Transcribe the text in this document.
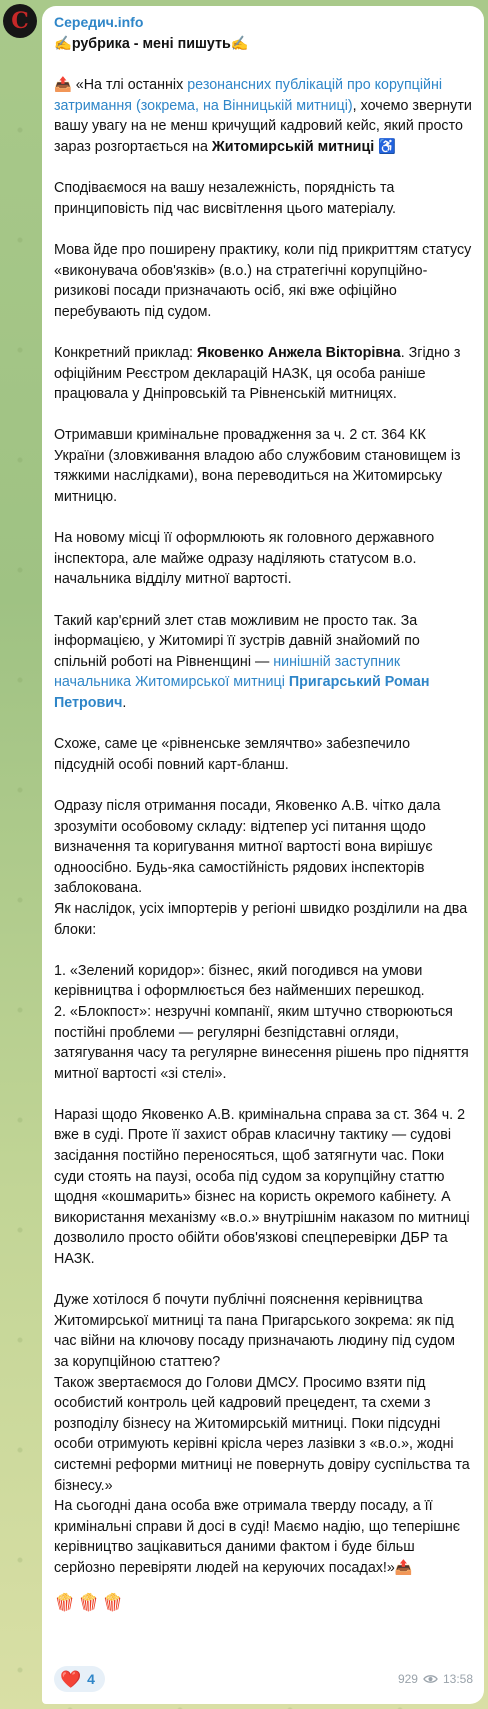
С Середич.info
✍️рубрика - мені пишуть✍️

📤 «На тлі останніх резонансних публікацій про корупційні затримання (зокрема, на Вінницькій митниці), хочемо звернути вашу увагу на не менш кричущий кадровий кейс, який просто зараз розгортається на Житомирській митниці ♿

Сподіваємося на вашу незалежність, порядність та принциповість під час висвітлення цього матеріалу.

Мова йде про поширену практику, коли під прикриттям статусу «виконувача обов'язків» (в.о.) на стратегічні корупційно-ризикові посади призначають осіб, які вже офіційно перебувають під судом.

Конкретний приклад: Яковенко Анжела Вікторівна. Згідно з офіційним Реєстром декларацій НАЗК, ця особа раніше працювала у Дніпровській та Рівненській митницях.

Отримавши кримінальне провадження за ч. 2 ст. 364 КК України (зловживання владою або службовим становищем із тяжкими наслідками), вона переводиться на Житомирську митницю.

На новому місці її оформлюють як головного державного інспектора, але майже одразу наділяють статусом в.о. начальника відділу митної вартості.

Такий кар'єрний злет став можливим не просто так. За інформацією, у Житомирі її зустрів давній знайомий по спільній роботі на Рівненщині — нинішній заступник начальника Житомирської митниці Пригарський Роман Петрович.

Схоже, саме це «рівненське землячтво» забезпечило підсудній особі повний карт-бланш.

Одразу після отримання посади, Яковенко А.В. чітко дала зрозуміти особовому складу: відтепер усі питання щодо визначення та коригування митної вартості вона вирішує одноосібно. Будь-яка самостійність рядових інспекторів заблокована.
Як наслідок, усіх імпортерів у регіоні швидко розділили на два блоки:

1. «Зелений коридор»: бізнес, який погодився на умови керівництва і оформлюється без найменших перешкод.
2. «Блокпост»: незручні компанії, яким штучно створюються постійні проблеми — регулярні безпідставні огляди, затягування часу та регулярне винесення рішень про підняття митної вартості «зі стелі».

Наразі щодо Яковенко А.В. кримінальна справа за ст. 364 ч. 2 вже в суді. Проте її захист обрав класичну тактику — судові засідання постійно переносяться, щоб затягнути час. Поки суди стоять на паузі, особа під судом за корупційну статтю щодня «кошмарить» бізнес на користь окремого кабінету. А використання механізму «в.о.» внутрішнім наказом по митниці дозволило просто обійти обов'язкові спецперевірки ДБР та НАЗК.

Дуже хотілося б почути публічні пояснення керівництва Житомирської митниці та пана Пригарського зокрема: як під час війни на ключову посаду призначають людину під судом за корупційною статтею?
Також звертаємося до Голови ДМСУ. Просимо взяти під особистий контроль цей кадровий прецедент, та схеми з розподілу бізнесу на Житомирській митниці. Поки підсудні особи отримують керівні крісла через лазівки з «в.о.», жодні системні реформи митниці не повернуть довіру суспільства та бізнесу.»
На сьогодні дана особа вже отримала тверду посаду, а її кримінальні справи й досі в суді! Маємо надію, що теперішнє керівництво зацікавиться даними фактом і буде більш серйозно перевіряти людей на керуючих посадах!»📤
🍿🍿🍿
❤️ 4	929 13:58
